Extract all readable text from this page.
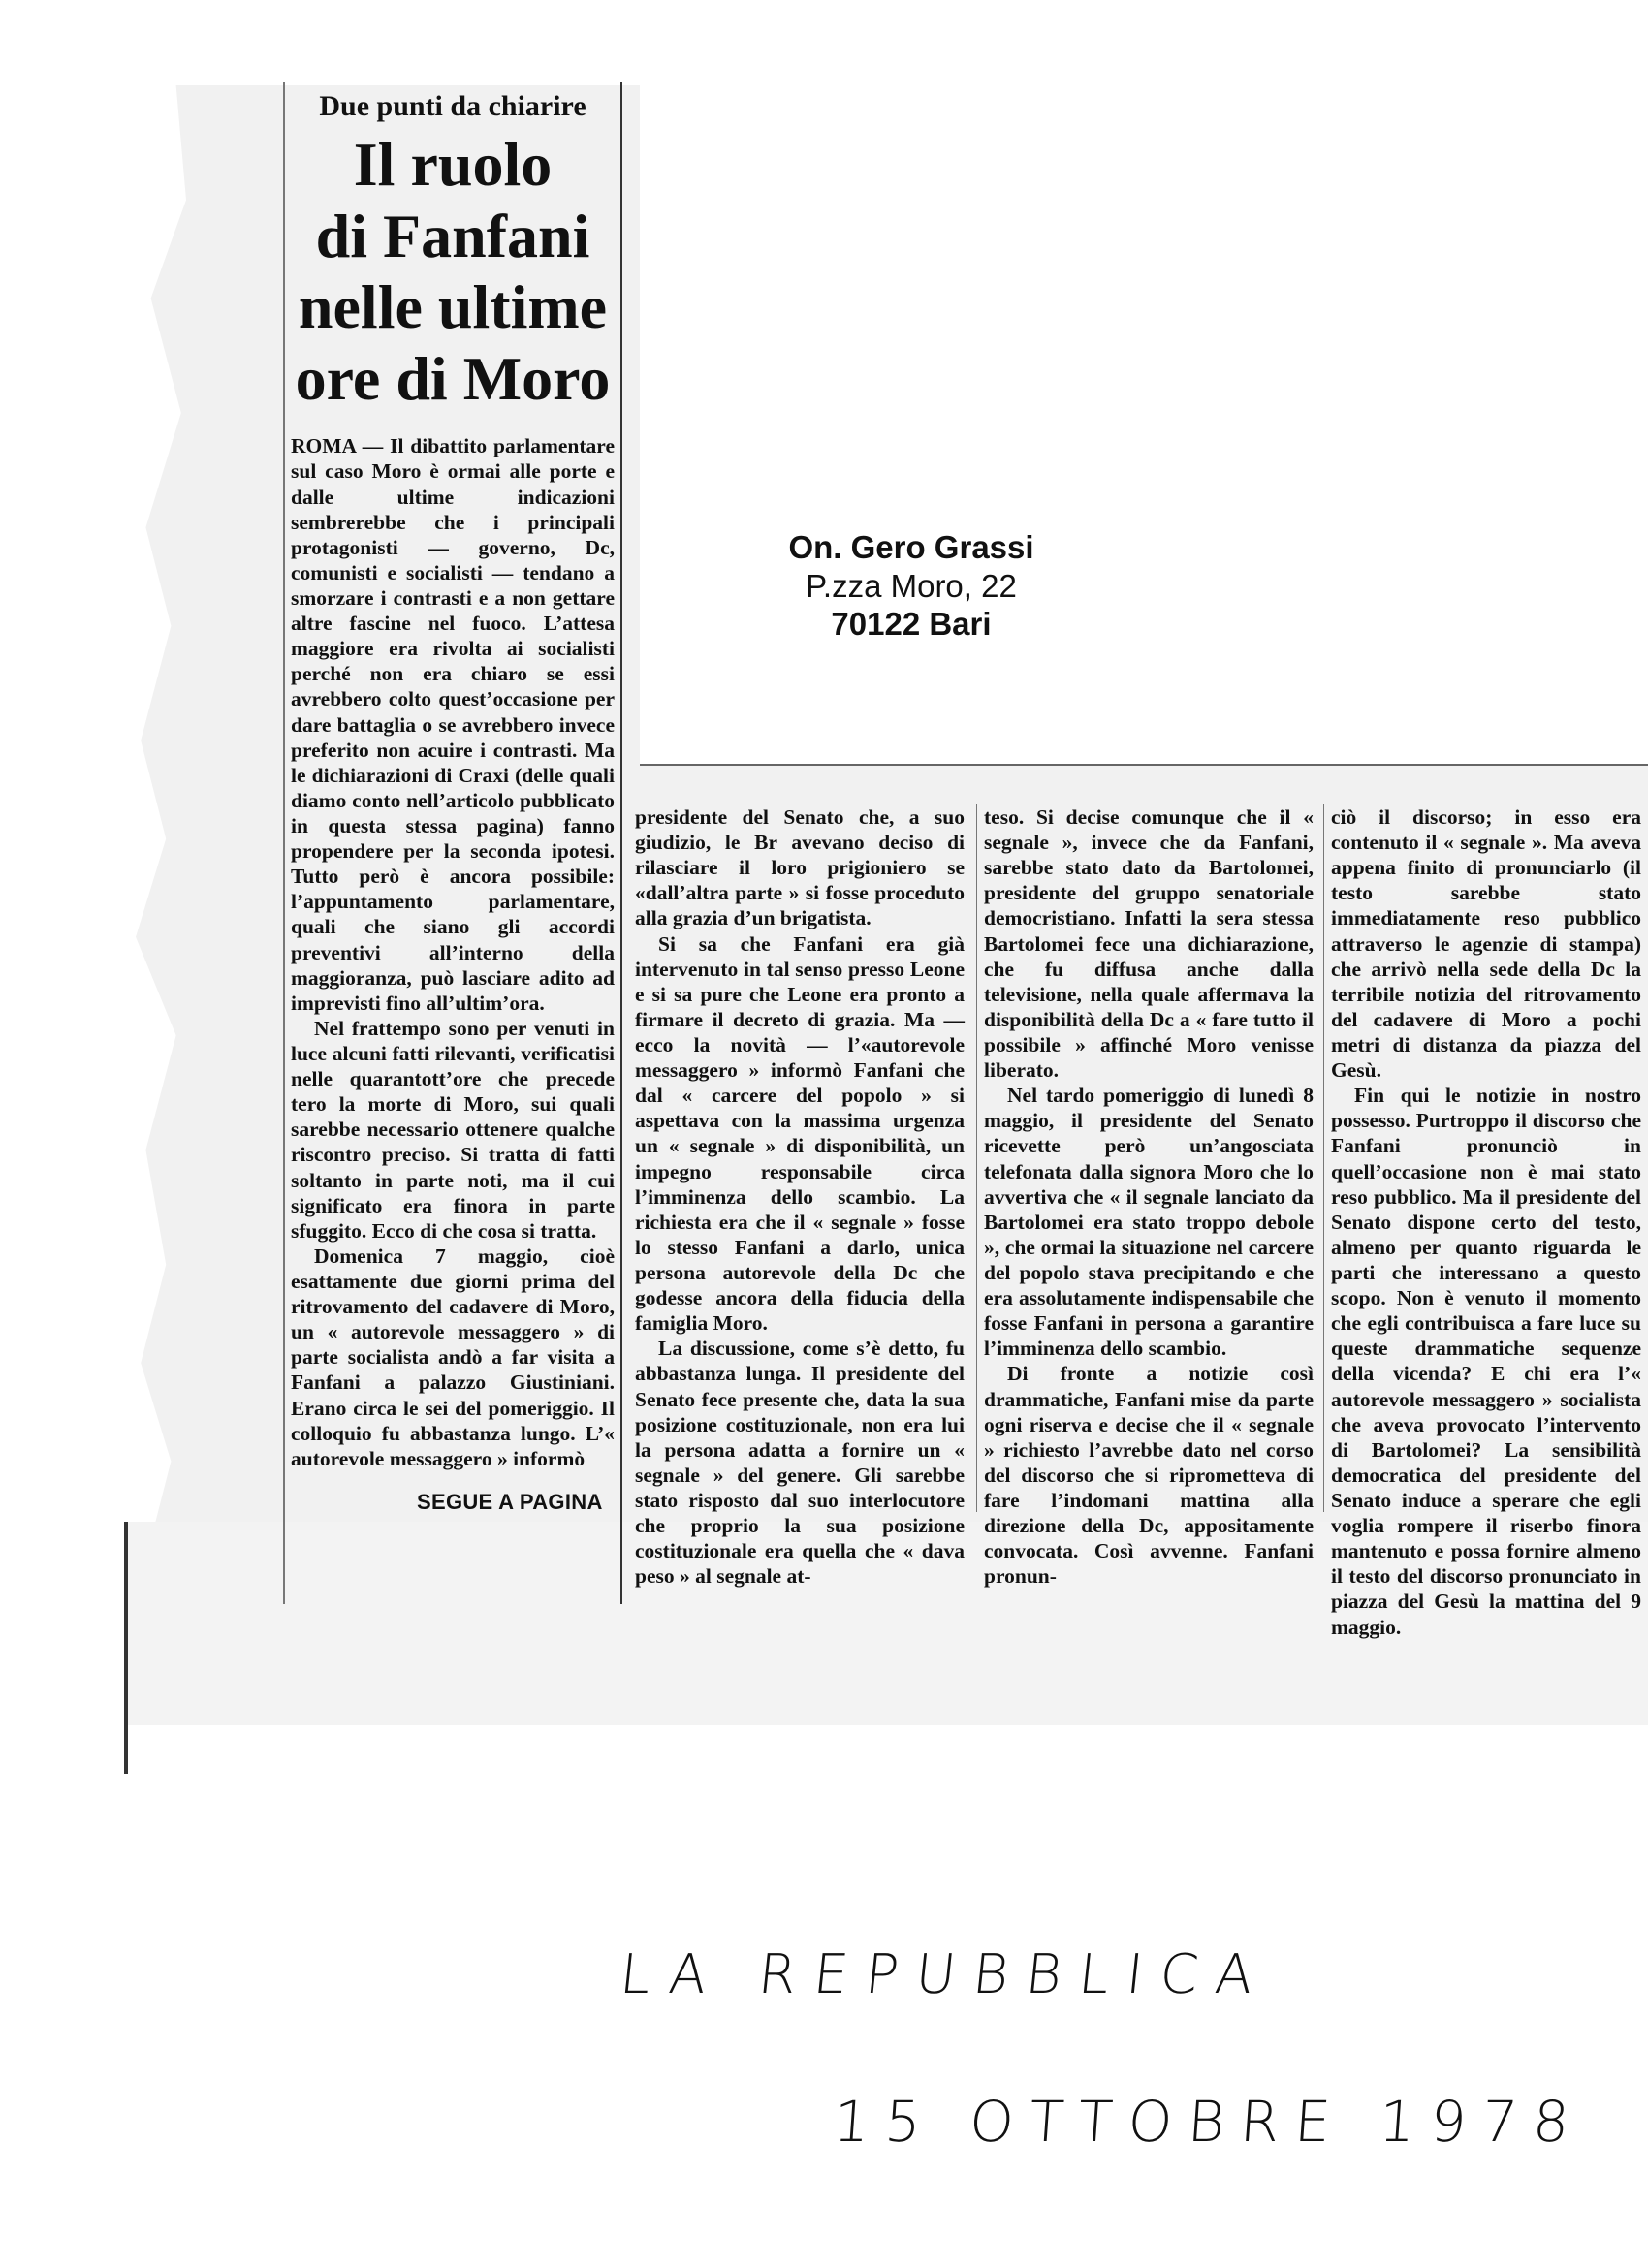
Due punti da chiarire
Il ruolo
di Fanfani
nelle ultime
ore di Moro

ROMA — Il dibattito parlamentare sul caso Moro è ormai alle porte e dalle ultime indicazioni sembrerebbe che i principali protagonisti — governo, Dc, comunisti e socialisti — tendano a smorzare i contrasti e a non gettare altre fascine nel fuoco. L’attesa maggiore era rivolta ai socialisti perché non era chiaro se essi avrebbero colto quest’occasione per dare battaglia o se avrebbero invece preferito non acuire i contrasti. Ma le dichiarazioni di Craxi (delle quali diamo conto nell’articolo pubblicato in questa stessa pagina) fanno propendere per la seconda ipotesi. Tutto però è ancora possibile: l’appuntamento parlamentare, quali che siano gli accordi preventivi all’interno della maggioranza, può lasciare adito ad imprevisti fino all’ultim’ora.

Nel frattempo sono per venuti in luce alcuni fatti rilevanti, verificatisi nelle quarantott’ore che precede tero la morte di Moro, sui quali sarebbe necessario ottenere qualche riscontro preciso. Si tratta di fatti soltanto in parte noti, ma il cui significato era finora in parte sfuggito. Ecco di che cosa si tratta.

Domenica 7 maggio, cioè esattamente due giorni prima del ritrovamento del cadavere di Moro, un « autorevole messaggero » di parte socialista andò a far visita a Fanfani a palazzo Giustiniani. Erano circa le sei del pomeriggio. Il colloquio fu abbastanza lungo. L’« autorevole messaggero » informò

SEGUE A PAGINA
On. Gero Grassi
P.zza Moro, 22
70122 Bari

presidente del Senato che, a suo giudizio, le Br avevano deciso di rilasciare il loro prigioniero se «dall’altra parte » si fosse proceduto alla grazia d’un brigatista.

Si sa che Fanfani era già intervenuto in tal senso presso Leone e si sa pure che Leone era pronto a firmare il decreto di grazia. Ma — ecco la novità — l’«autorevole messaggero » informò Fanfani che dal « carcere del popolo » si aspettava con la massima urgenza un « segnale » di disponibilità, un impegno responsabile circa l’imminenza dello scambio. La richiesta era che il « segnale » fosse lo stesso Fanfani a darlo, unica persona autorevole della Dc che godesse ancora della fiducia della famiglia Moro.

La discussione, come s’è detto, fu abbastanza lunga. Il presidente del Senato fece presente che, data la sua posizione costituzionale, non era lui la persona adatta a fornire un « segnale » del genere. Gli sarebbe stato risposto dal suo interlocutore che proprio la sua posizione costituzionale era quella che « dava peso » al segnale at-

teso. Si decise comunque che il « segnale », invece che da Fanfani, sarebbe stato dato da Bartolomei, presidente del gruppo senatoriale democristiano. Infatti la sera stessa Bartolomei fece una dichiarazione, che fu diffusa anche dalla televisione, nella quale affermava la disponibilità della Dc a « fare tutto il possibile » affinché Moro venisse liberato.

Nel tardo pomeriggio di lunedì 8 maggio, il presidente del Senato ricevette però un’angosciata telefonata dalla signora Moro che lo avvertiva che « il segnale lanciato da Bartolomei era stato troppo debole », che ormai la situazione nel carcere del popolo stava precipitando e che era assolutamente indispensabile che fosse Fanfani in persona a garantire l’imminenza dello scambio.

Di fronte a notizie così drammatiche, Fanfani mise da parte ogni riserva e decise che il « segnale » richiesto l’avrebbe dato nel corso del discorso che si riprometteva di fare l’indomani mattina alla direzione della Dc, appositamente convocata. Così avvenne. Fanfani pronun-

ciò il discorso; in esso era contenuto il « segnale ». Ma aveva appena finito di pronunciarlo (il testo sarebbe stato immediatamente reso pubblico attraverso le agenzie di stampa) che arrivò nella sede della Dc la terribile notizia del ritrovamento del cadavere di Moro a pochi metri di distanza da piazza del Gesù.

Fin qui le notizie in nostro possesso. Purtroppo il discorso che Fanfani pronunciò in quell’occasione non è mai stato reso pubblico. Ma il presidente del Senato dispone certo del testo, almeno per quanto riguarda le parti che interessano a questo scopo. Non è venuto il momento che egli contribuisca a fare luce su queste drammatiche sequenze della vicenda? E chi era l’« autorevole messaggero » socialista che aveva provocato l’intervento di Bartolomei? La sensibilità democratica del presidente del Senato induce a sperare che egli voglia rompere il riserbo finora mantenuto e possa fornire almeno il testo del discorso pronunciato in piazza del Gesù la mattina del 9 maggio.

LA REPUBBLICA
15 OTTOBRE 1978
